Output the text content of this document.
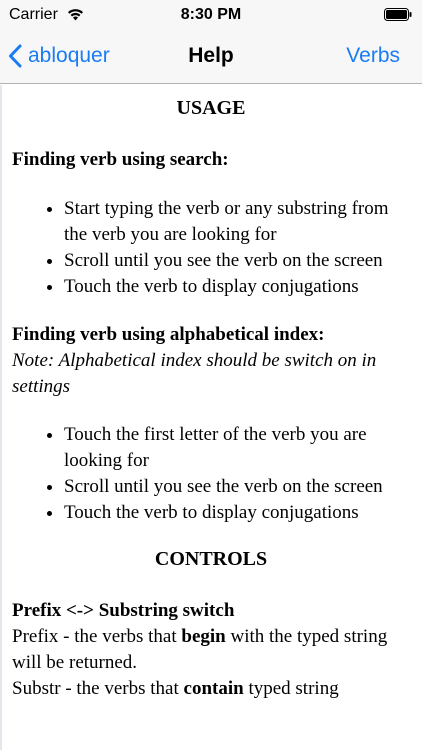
Carrier	8:30 PM
abloquer	Help	Verbs

USAGE

Finding verb using search:

• Start typing the verb or any substring from the verb you are looking for
• Scroll until you see the verb on the screen
• Touch the verb to display conjugations

Finding verb using alphabetical index:

Note: Alphabetical index should be switch on in settings

• Touch the first letter of the verb you are looking for
• Scroll until you see the verb on the screen
• Touch the verb to display conjugations

CONTROLS

Prefix <-> Substring switch

Prefix - the verbs that begin with the typed string will be returned.

Substr - the verbs that contain typed string
